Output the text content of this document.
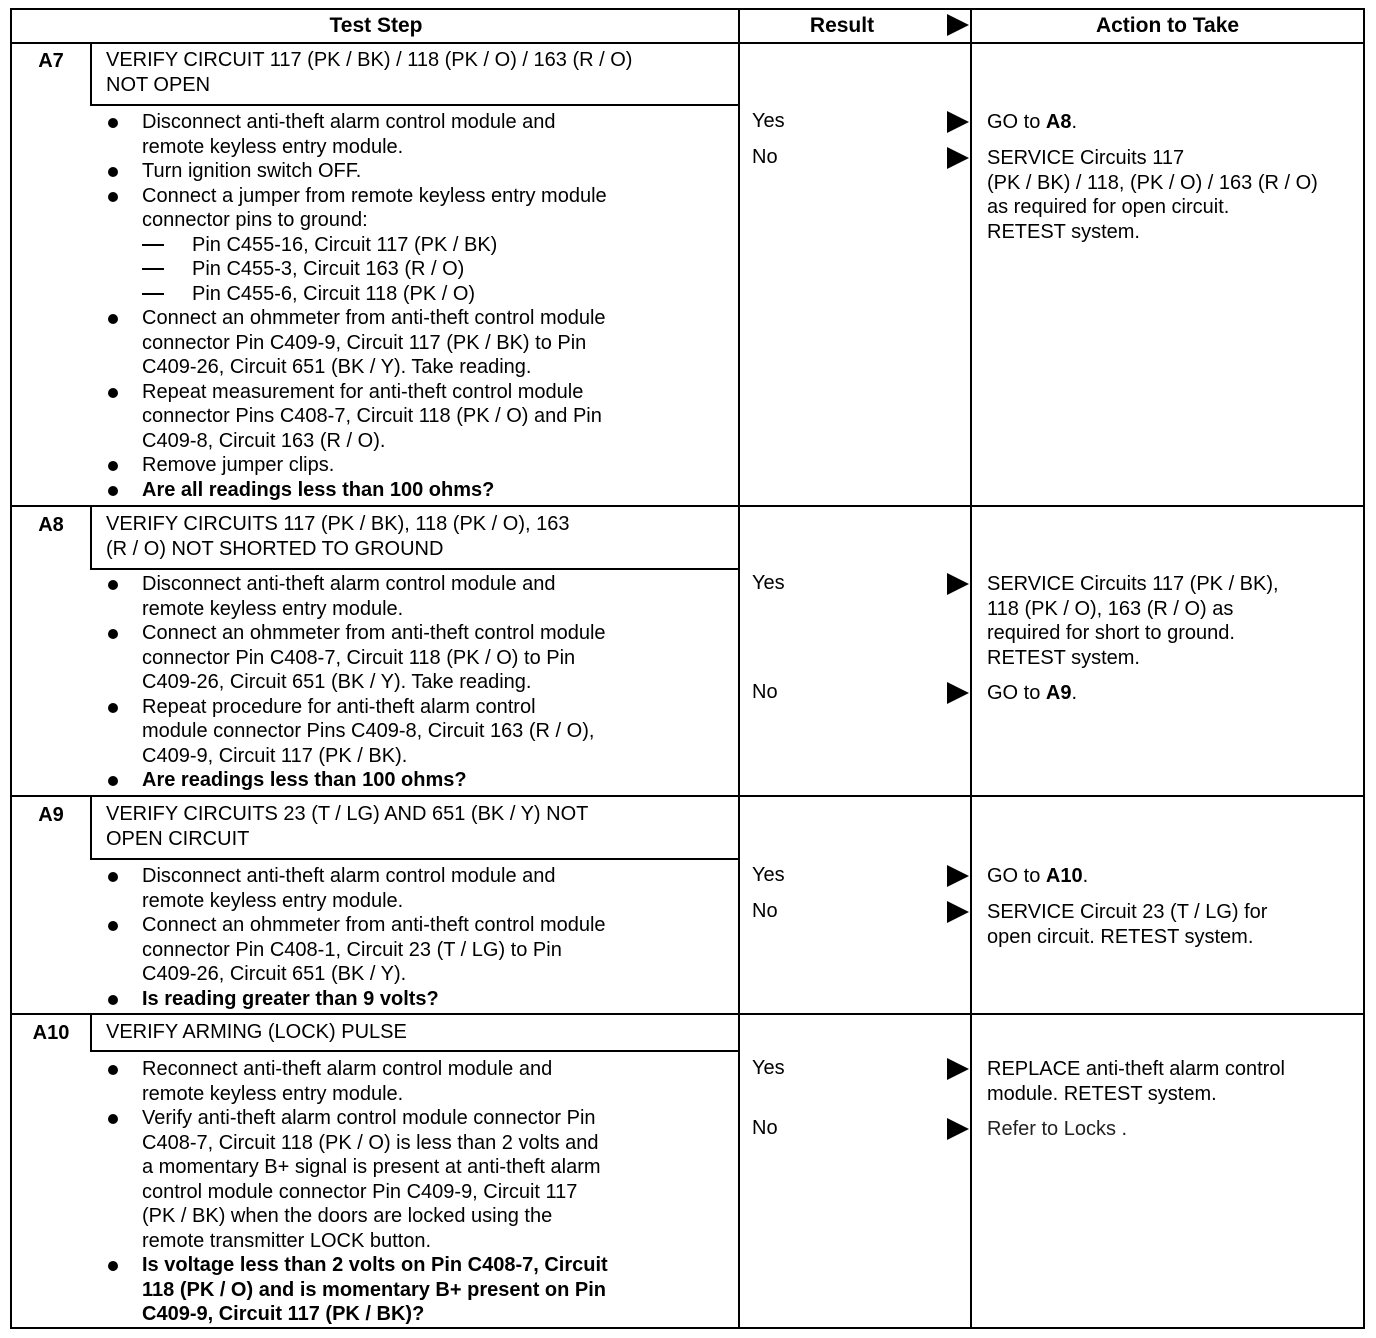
Test Step	Result	Action to Take
A7	VERIFY CIRCUIT 117 (PK / BK) / 118 (PK / O) / 163 (R / O)
NOT OPEN
Disconnect anti-theft alarm control module and
remote keyless entry module.
Turn ignition switch OFF.
Connect a jumper from remote keyless entry module
connector pins to ground:
Pin C455-16, Circuit 117 (PK / BK)
Pin C455-3, Circuit 163 (R / O)
Pin C455-6, Circuit 118 (PK / O)
Connect an ohmmeter from anti-theft control module
connector Pin C409-9, Circuit 117 (PK / BK) to Pin
C409-26, Circuit 651 (BK / Y). Take reading.
Repeat measurement for anti-theft control module
connector Pins C408-7, Circuit 118 (PK / O) and Pin
C409-8, Circuit 163 (R / O).
Remove jumper clips.
Are all readings less than 100 ohms?
Yes	GO to A8.
No	SERVICE Circuits 117
(PK / BK) / 118, (PK / O) / 163 (R / O)
as required for open circuit.
RETEST system.
A8	VERIFY CIRCUITS 117 (PK / BK), 118 (PK / O), 163
(R / O) NOT SHORTED TO GROUND
Disconnect anti-theft alarm control module and
remote keyless entry module.
Connect an ohmmeter from anti-theft control module
connector Pin C408-7, Circuit 118 (PK / O) to Pin
C409-26, Circuit 651 (BK / Y). Take reading.
Repeat procedure for anti-theft alarm control
module connector Pins C409-8, Circuit 163 (R / O),
C409-9, Circuit 117 (PK / BK).
Are readings less than 100 ohms?
Yes	SERVICE Circuits 117 (PK / BK),
118 (PK / O), 163 (R / O) as
required for short to ground.
RETEST system.
No	GO to A9.
A9	VERIFY CIRCUITS 23 (T / LG) AND 651 (BK / Y) NOT
OPEN CIRCUIT
Disconnect anti-theft alarm control module and
remote keyless entry module.
Connect an ohmmeter from anti-theft control module
connector Pin C408-1, Circuit 23 (T / LG) to Pin
C409-26, Circuit 651 (BK / Y).
Is reading greater than 9 volts?
Yes	GO to A10.
No	SERVICE Circuit 23 (T / LG) for
open circuit. RETEST system.
A10	VERIFY ARMING (LOCK) PULSE
Reconnect anti-theft alarm control module and
remote keyless entry module.
Verify anti-theft alarm control module connector Pin
C408-7, Circuit 118 (PK / O) is less than 2 volts and
a momentary B+ signal is present at anti-theft alarm
control module connector Pin C409-9, Circuit 117
(PK / BK) when the doors are locked using the
remote transmitter LOCK button.
Is voltage less than 2 volts on Pin C408-7, Circuit
118 (PK / O) and is momentary B+ present on Pin
C409-9, Circuit 117 (PK / BK)?
Yes	REPLACE anti-theft alarm control
module. RETEST system.
No	Refer to Locks .
